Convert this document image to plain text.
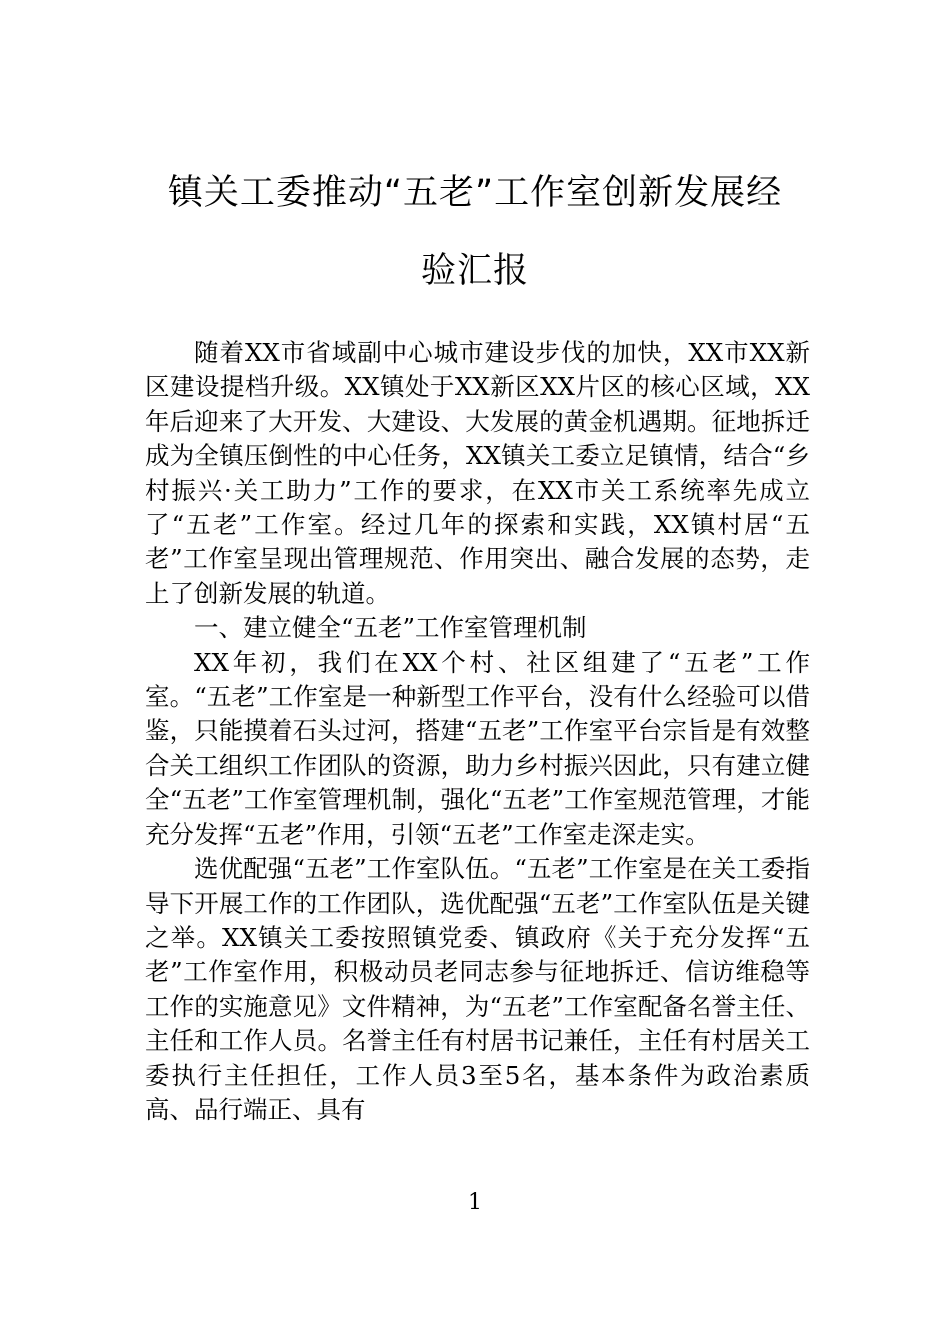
镇关工委推动“五老”工作室创新发展经
验汇报

随着XX市省域副中心城市建设步伐的加快，XX市XX新区建设提档升级。XX镇处于XX新区XX片区的核心区域，XX年后迎来了大开发、大建设、大发展的黄金机遇期。征地拆迁成为全镇压倒性的中心任务，XX镇关工委立足镇情，结合“乡村振兴·关工助力”工作的要求，在XX市关工系统率先成立了“五老”工作室。经过几年的探索和实践，XX镇村居“五老”工作室呈现出管理规范、作用突出、融合发展的态势，走上了创新发展的轨道。

一、建立健全“五老”工作室管理机制

XX年初，我们在XX个村、社区组建了“五老”工作室。“五老”工作室是一种新型工作平台，没有什么经验可以借鉴，只能摸着石头过河，搭建“五老”工作室平台宗旨是有效整合关工组织工作团队的资源，助力乡村振兴因此，只有建立健全“五老”工作室管理机制，强化“五老”工作室规范管理，才能充分发挥“五老”作用，引领“五老”工作室走深走实。

选优配强“五老”工作室队伍。“五老”工作室是在关工委指导下开展工作的工作团队，选优配强“五老”工作室队伍是关键之举。XX镇关工委按照镇党委、镇政府《关于充分发挥“五老”工作室作用，积极动员老同志参与征地拆迁、信访维稳等工作的实施意见》文件精神，为“五老”工作室配备名誉主任、主任和工作人员。名誉主任有村居书记兼任，主任有村居关工委执行主任担任，工作人员3至5名，基本条件为政治素质高、品行端正、具有

1
